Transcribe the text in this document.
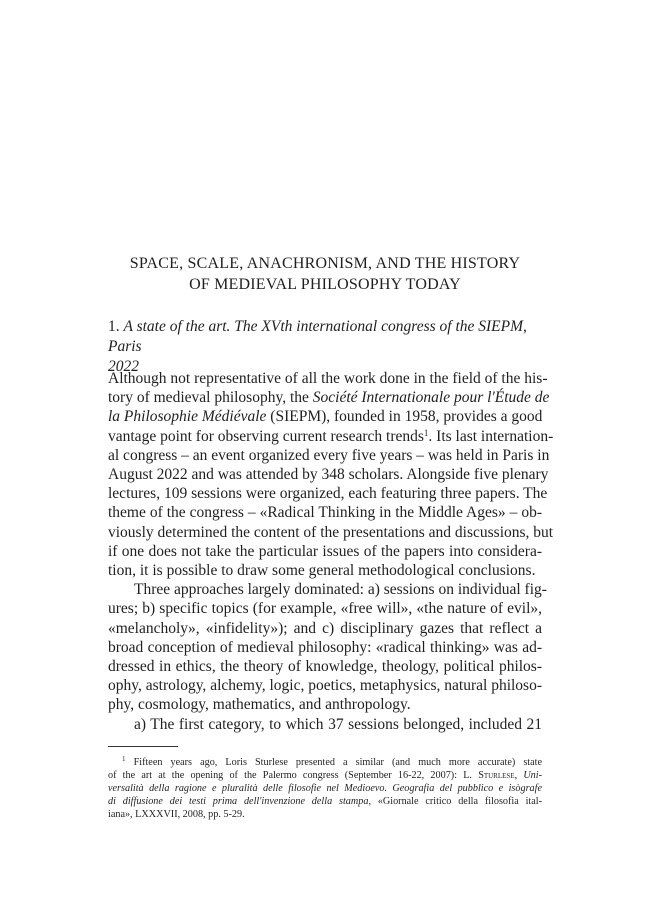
SPACE, SCALE, ANACHRONISM, AND THE HISTORY
OF MEDIEVAL PHILOSOPHY TODAY
1. A state of the art. The XVth international congress of the SIEPM, Paris
2022
Although not representative of all the work done in the field of the his-
tory of medieval philosophy, the Société Internationale pour l'Étude de
la Philosophie Médiévale (SIEPM), founded in 1958, provides a good
vantage point for observing current research trends$^1$. Its last internation-
al congress – an event organized every five years – was held in Paris in
August 2022 and was attended by 348 scholars. Alongside five plenary
lectures, 109 sessions were organized, each featuring three papers. The
theme of the congress – «Radical Thinking in the Middle Ages» – ob-
viously determined the content of the presentations and discussions, but
if one does not take the particular issues of the papers into considera-
tion, it is possible to draw some general methodological conclusions.
Three approaches largely dominated: a) sessions on individual fig-
ures; b) specific topics (for example, «free will», «the nature of evil»,
«melancholy», «infidelity»); and c) disciplinary gazes that reflect a
broad conception of medieval philosophy: «radical thinking» was ad-
dressed in ethics, the theory of knowledge, theology, political philos-
ophy, astrology, alchemy, logic, poetics, metaphysics, natural philoso-
phy, cosmology, mathematics, and anthropology.
a) The first category, to which 37 sessions belonged, included 21
$^1$ Fifteen years ago, Loris Sturlese presented a similar (and much more accurate) state
of the art at the opening of the Palermo congress (September 16-22, 2007): L. Sturlese, Uni-
versalità della ragione e pluralità delle filosofie nel Medioevo. Geografia del pubblico e isògrafe
di diffusione dei testi prima dell'invenzione della stampa, «Giornale critico della filosofia ital-
iana», LXXXVII, 2008, pp. 5-29.
